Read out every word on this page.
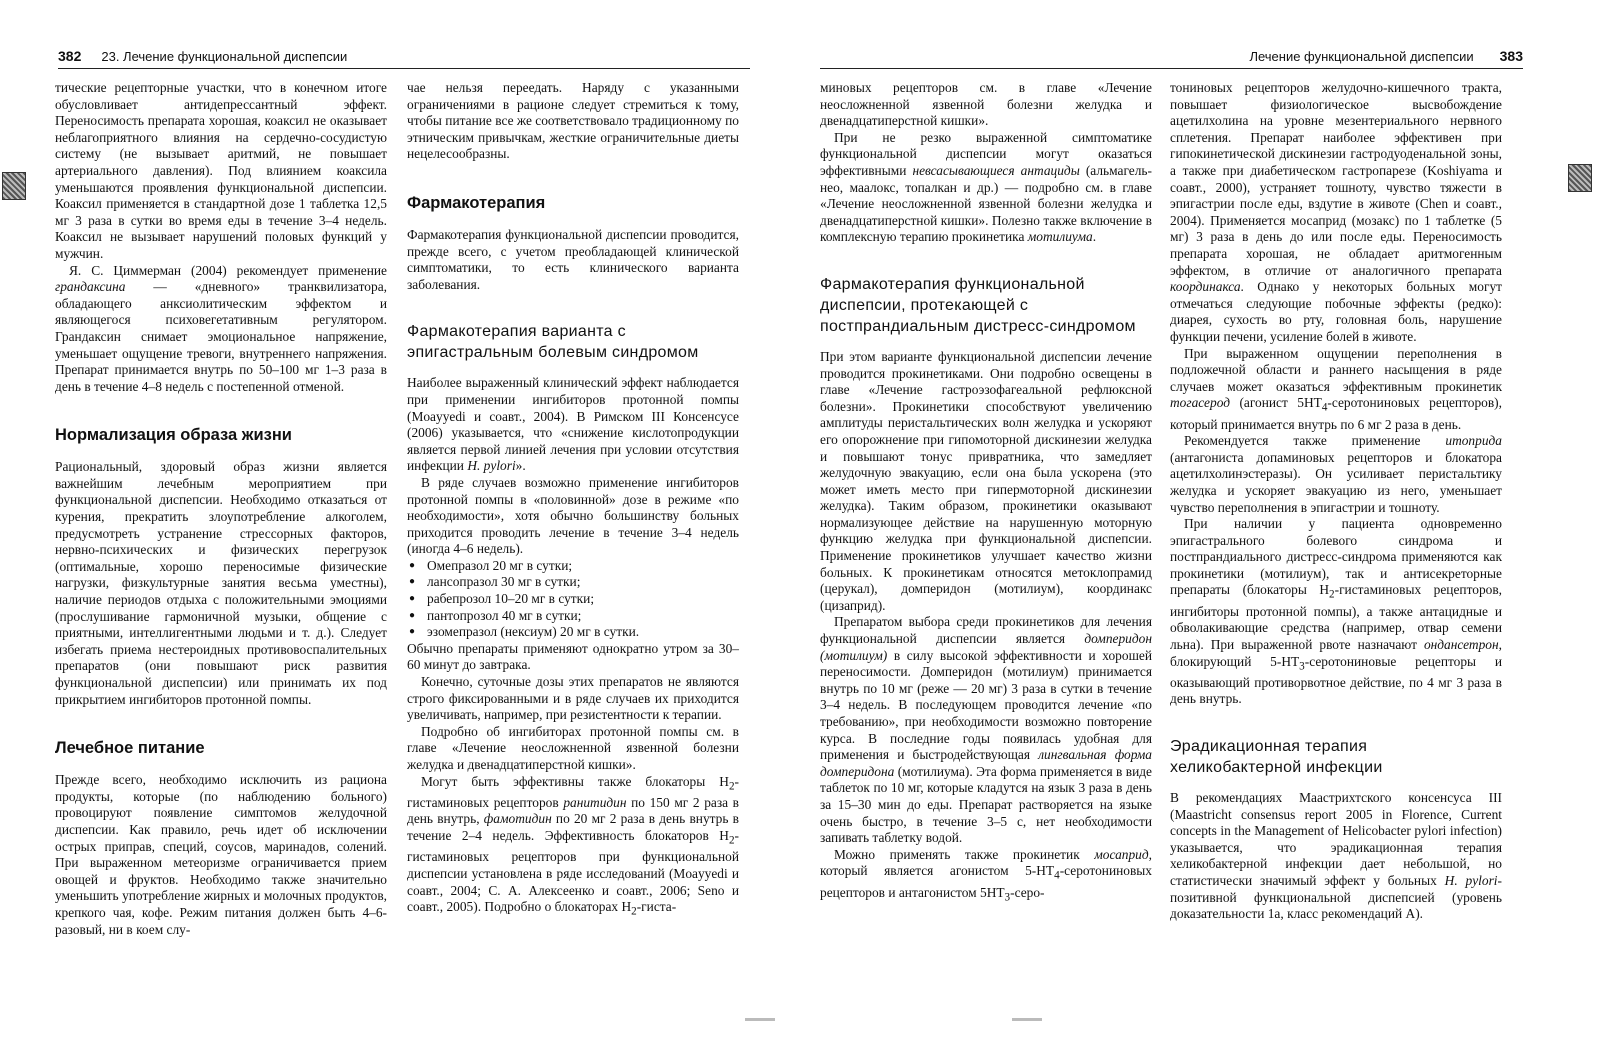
382 23. Лечение функциональной диспепсии

тические рецепторные участки, что в конечном итоге обусловливает антидепрессантный эффект. Переносимость препарата хорошая, коаксил не оказывает неблагоприятного влияния на сердечно-сосудистую систему (не вызывает аритмий, не повышает артериального давления). Под влиянием коаксила уменьшаются проявления функциональной диспепсии. Коаксил применяется в стандартной дозе 1 таблетка 12,5 мг 3 раза в сутки во время еды в течение 3–4 недель. Коаксил не вызывает нарушений половых функций у мужчин.

Я. С. Циммерман (2004) рекомендует применение грандаксина — «дневного» транквилизатора, обладающего анксиолитическим эффектом и являющегося психовегетативным регулятором. Грандаксин снимает эмоциональное напряжение, уменьшает ощущение тревоги, внутреннего напряжения. Препарат принимается внутрь по 50–100 мг 1–3 раза в день в течение 4–8 недель с постепенной отменой.

Нормализация образа жизни

Рациональный, здоровый образ жизни является важнейшим лечебным мероприятием при функциональной диспепсии. Необходимо отказаться от курения, прекратить злоупотребление алкоголем, предусмотреть устранение стрессорных факторов, нервно-психических и физических перегрузок (оптимальные, хорошо переносимые физические нагрузки, физкультурные занятия весьма уместны), наличие периодов отдыха с положительными эмоциями (прослушивание гармоничной музыки, общение с приятными, интеллигентными людьми и т. д.). Следует избегать приема нестероидных противовоспалительных препаратов (они повышают риск развития функциональной диспепсии) или принимать их под прикрытием ингибиторов протонной помпы.

Лечебное питание

Прежде всего, необходимо исключить из рациона продукты, которые (по наблюдению больного) провоцируют появление симптомов желудочной диспепсии. Как правило, речь идет об исключении острых приправ, специй, соусов, маринадов, солений. При выраженном метеоризме ограничивается прием овощей и фруктов. Необходимо также значительно уменьшить употребление жирных и молочных продуктов, крепкого чая, кофе. Режим питания должен быть 4–6-разовый, ни в коем слу-

чае нельзя переедать. Наряду с указанными ограничениями в рационе следует стремиться к тому, чтобы питание все же соответствовало традиционному по этническим привычкам, жесткие ограничительные диеты нецелесообразны.

Фармакотерапия

Фармакотерапия функциональной диспепсии проводится, прежде всего, с учетом преобладающей клинической симптоматики, то есть клинического варианта заболевания.

Фармакотерапия варианта с эпигастральным болевым синдромом

Наиболее выраженный клинический эффект наблюдается при применении ингибиторов протонной помпы (Moayyedi и соавт., 2004). В Римском III Консенсусе (2006) указывается, что «снижение кислотопродукции является первой линией лечения при условии отсутствия инфекции H. pylori».

В ряде случаев возможно применение ингибиторов протонной помпы в «половинной» дозе в режиме «по необходимости», хотя обычно большинству больных приходится проводить лечение в течение 3–4 недель (иногда 4–6 недель).

● Омепразол 20 мг в сутки;
● лансопразол 30 мг в сутки;
● рабепрозол 10–20 мг в сутки;
● пантопрозол 40 мг в сутки;
● эзомепразол (нексиум) 20 мг в сутки.

Обычно препараты применяют однократно утром за 30–60 минут до завтрака.

Конечно, суточные дозы этих препаратов не являются строго фиксированными и в ряде случаев их приходится увеличивать, например, при резистентности к терапии.

Подробно об ингибиторах протонной помпы см. в главе «Лечение неосложненной язвенной болезни желудка и двенадцатиперстной кишки».

Могут быть эффективны также блокаторы $H_2$-гистаминовых рецепторов ранитидин по 150 мг 2 раза в день внутрь, фамотидин по 20 мг 2 раза в день внутрь в течение 2–4 недель. Эффективность блокаторов $H_2$-гистаминовых рецепторов при функциональной диспепсии установлена в ряде исследований (Moayyedi и соавт., 2004; С. А. Алексеенко и соавт., 2006; Seno и соавт., 2005). Подробно о блокаторах $H_2-гиста-$

Лечение функциональной диспепсии 383

миновых рецепторов см. в главе «Лечение неосложненной язвенной болезни желудка и двенадцатиперстной кишки».

При не резко выраженной симптоматике функциональной диспепсии могут оказаться эффективными невсасывающиеся антациды (альмагель-нео, маалокс, топалкан и др.) — подробно см. в главе «Лечение неосложненной язвенной болезни желудка и двенадцатиперстной кишки». Полезно также включение в комплексную терапию прокинетика мотилиума.

Фармакотерапия функциональной диспепсии, протекающей с постпрандиальным дистресс-синдромом

При этом варианте функциональной диспепсии лечение проводится прокинетиками. Они подробно освещены в главе «Лечение гастроэзофагеальной рефлюксной болезни». Прокинетики способствуют увеличению амплитуды перистальтических волн желудка и ускоряют его опорожнение при гипомоторной дискинезии желудка и повышают тонус привратника, что замедляет желудочную эвакуацию, если она была ускорена (это может иметь место при гипермоторной дискинезии желудка). Таким образом, прокинетики оказывают нормализующее действие на нарушенную моторную функцию желудка при функциональной диспепсии. Применение прокинетиков улучшает качество жизни больных. К прокинетикам относятся метоклопрамид (церукал), домперидон (мотилиум), координакс (цизаприд).

Препаратом выбора среди прокинетиков для лечения функциональной диспепсии является домперидон (мотилиум) в силу высокой эффективности и хорошей переносимости. Домперидон (мотилиум) принимается внутрь по 10 мг (реже — 20 мг) 3 раза в сутки в течение 3–4 недель. В последующем проводится лечение «по требованию», при необходимости возможно повторение курса. В последние годы появилась удобная для применения и быстродействующая лингвальная форма домперидона (мотилиума). Эта форма применяется в виде таблеток по 10 мг, которые кладутся на язык 3 раза в день за 15–30 мин до еды. Препарат растворяется на языке очень быстро, в течение 3–5 с, нет необходимости запивать таблетку водой.

Можно применять также прокинетик мосаприд, который является агонистом $5-HT_4$-серотониновых рецепторов и антагонистом $5HT_3-серо-$

тониновых рецепторов желудочно-кишечного тракта, повышает физиологическое высвобождение ацетилхолина на уровне мезентериального нервного сплетения. Препарат наиболее эффективен при гипокинетической дискинезии гастродуоденальной зоны, а также при диабетическом гастропарезе (Koshiyama и соавт., 2000), устраняет тошноту, чувство тяжести в эпигастрии после еды, вздутие в животе (Chen и соавт., 2004). Применяется мосаприд (мозакс) по 1 таблетке (5 мг) 3 раза в день до или после еды. Переносимость препарата хорошая, не обладает аритмогенным эффектом, в отличие от аналогичного препарата координакса. Однако у некоторых больных могут отмечаться следующие побочные эффекты (редко): диарея, сухость во рту, головная боль, нарушение функции печени, усиление болей в животе.

При выраженном ощущении переполнения в подложечной области и раннего насыщения в ряде случаев может оказаться эффективным прокинетик тогасерод (агонист $5HT_4$-серотониновых рецепторов), который принимается внутрь по 6 мг 2 раза в день.

Рекомендуется также применение итоприда (антагониста допаминовых рецепторов и блокатора ацетилхолинэстеразы). Он усиливает перистальтику желудка и ускоряет эвакуацию из него, уменьшает чувство переполнения в эпигастрии и тошноту.

При наличии у пациента одновременно эпигастрального болевого синдрома и постпрандиального дистресс-синдрома применяются как прокинетики (мотилиум), так и антисекреторные препараты (блокаторы $H_2$-гистаминовых рецепторов, ингибиторы протонной помпы), а также антацидные и обволакивающие средства (например, отвар семени льна). При выраженной рвоте назначают ондансетрон, блокирующий $5-HT_3$-серотониновые рецепторы и оказывающий противорвотное действие, по 4 мг 3 раза в день внутрь.

Эрадикационная терапия хеликобактерной инфекции

В рекомендациях Маастрихтского консенсуса III (Maastricht consensus report 2005 in Florence, Current concepts in the Management of Helicobacter pylori infection) указывается, что эрадикационная терапия хеликобактерной инфекции дает небольшой, но статистически значимый эффект у больных H. pylori-позитивной функциональной диспепсией (уровень доказательности 1а, класс рекомендаций А).
